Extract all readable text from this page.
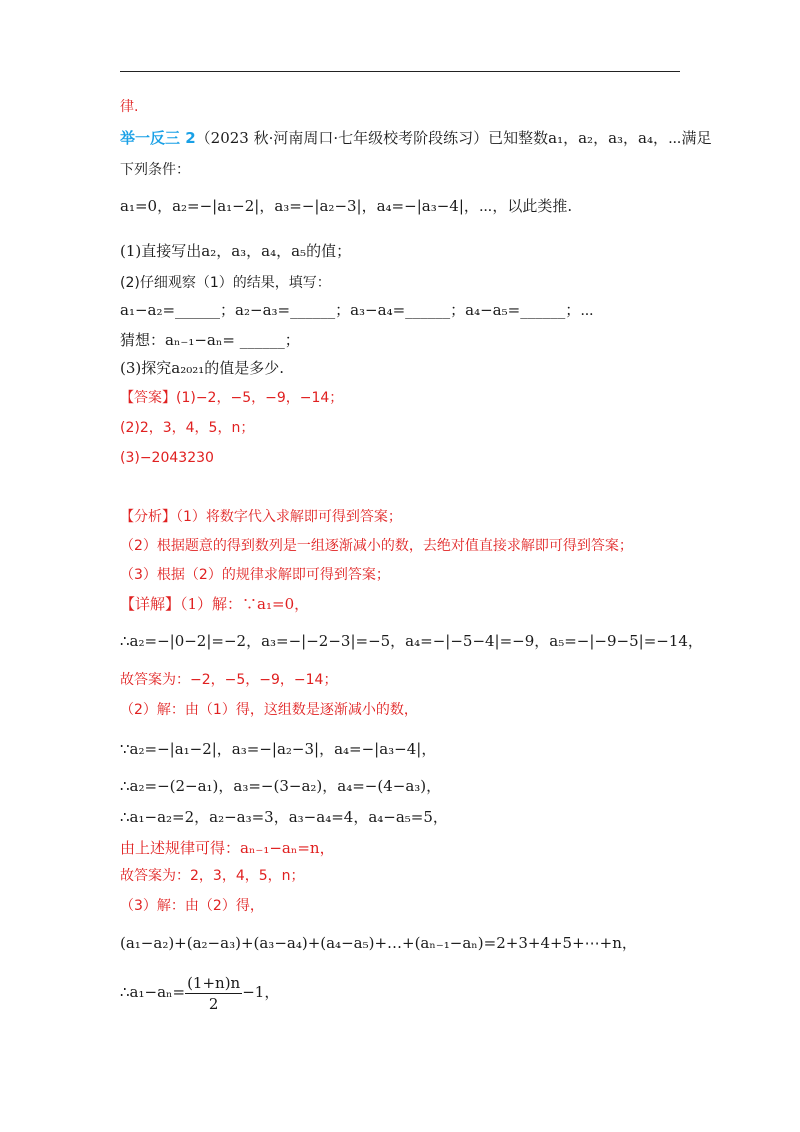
律.
举一反三 2（2023 秋·河南周口·七年级校考阶段练习）已知整数a₁，a₂，a₃，a₄，⋯满足
下列条件：
a₁=0，a₂=−|a₁−2|，a₃=−|a₂−3|，a₄=−|a₃−4|，⋯，以此类推.
(1)直接写出a₂，a₃，a₄，a₅的值；
(2)仔细观察（1）的结果，填写：
a₁−a₂=______；a₂−a₃=______；a₃−a₄=______；a₄−a₅=______；⋯
猜想：aₙ₋₁−aₙ= ______；
(3)探究a₂₀₂₁的值是多少.
【答案】(1)−2，−5，−9，−14；
(2)2，3，4，5，n；
(3)−2043230
【分析】（1）将数字代入求解即可得到答案；
（2）根据题意的得到数列是一组逐渐减小的数，去绝对值直接求解即可得到答案；
（3）根据（2）的规律求解即可得到答案；
【详解】（1）解：∵a₁=0，
∴a₂=−|0−2|=−2，a₃=−|−2−3|=−5，a₄=−|−5−4|=−9，a₅=−|−9−5|=−14，
故答案为：−2，−5，−9，−14；
（2）解：由（1）得，这组数是逐渐减小的数，
∵a₂=−|a₁−2|，a₃=−|a₂−3|，a₄=−|a₃−4|，
∴a₂=−(2−a₁)，a₃=−(3−a₂)，a₄=−(4−a₃)，
∴a₁−a₂=2，a₂−a₃=3，a₃−a₄=4，a₄−a₅=5，
由上述规律可得：aₙ₋₁−aₙ=n，
故答案为：2，3，4，5，n；
（3）解：由（2）得，
(a₁−a₂)+(a₂−a₃)+(a₃−a₄)+(a₄−a₅)+…+(aₙ₋₁−aₙ)=2+3+4+5+⋯+n，
∴a₁−aₙ= $\frac{(1+n)n}{2} -1$，
